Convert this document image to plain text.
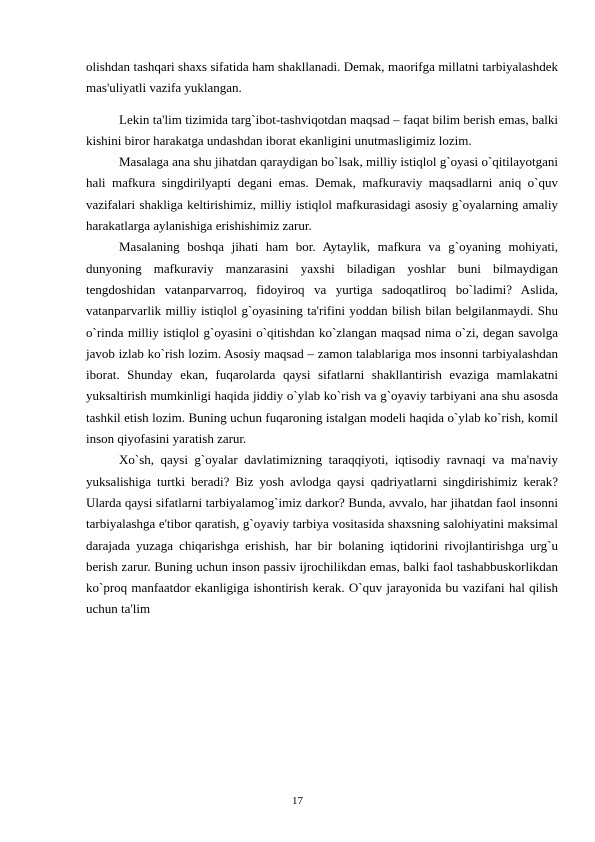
olishdan tashqari shaxs sifatida ham shakllanadi. Demak, maorifga millatni tarbiyalashdek mas'uliyatli vazifa yuklangan.

Lekin ta'lim tizimida targ`ibot-tashviqotdan maqsad – faqat bilim berish emas, balki kishini biror harakatga undashdan iborat ekanligini unutmasligimiz lozim.

Masalaga ana shu jihatdan qaraydigan bo`lsak, milliy istiqlol g`oyasi o`qitilayotgani hali mafkura singdirilyapti degani emas. Demak, mafkuraviy maqsadlarni aniq o`quv vazifalari shakliga keltirishimiz, milliy istiqlol mafkurasidagi asosiy g`oyalarning amaliy harakatlarga aylanishiga erishishimiz zarur.

Masalaning boshqa jihati ham bor. Aytaylik, mafkura va g`oyaning mohiyati, dunyoning mafkuraviy manzarasini yaxshi biladigan yoshlar buni bilmaydigan tengdoshidan vatanparvarroq, fidoyiroq va yurtiga sadoqatliroq bo`ladimi? Aslida, vatanparvarlik milliy istiqlol g`oyasining ta'rifini yoddan bilish bilan belgilanmaydi. Shu o`rinda milliy istiqlol g`oyasini o`qitishdan ko`zlangan maqsad nima o`zi, degan savolga javob izlab ko`rish lozim. Asosiy maqsad – zamon talablariga mos insonni tarbiyalashdan iborat. Shunday ekan, fuqarolarda qaysi sifatlarni shakllantirish evaziga mamlakatni yuksaltirish mumkinligi haqida jiddiy o`ylab ko`rish va g`oyaviy tarbiyani ana shu asosda tashkil etish lozim. Buning uchun fuqaroning istalgan modeli haqida o`ylab ko`rish, komil inson qiyofasini yaratish zarur.

Xo`sh, qaysi g`oyalar davlatimizning taraqqiyoti, iqtisodiy ravnaqi va ma'naviy yuksalishiga turtki beradi? Biz yosh avlodga qaysi qadriyatlarni singdirishimiz kerak? Ularda qaysi sifatlarni tarbiyalamog`imiz darkor? Bunda, avvalo, har jihatdan faol insonni tarbiyalashga e'tibor qaratish, g`oyaviy tarbiya vositasida shaxsning salohiyatini maksimal darajada yuzaga chiqarishga erishish, har bir bolaning iqtidorini rivojlantirishga urg`u berish zarur. Buning uchun inson passiv ijrochilikdan emas, balki faol tashabbuskorlikdan ko`proq manfaatdor ekanligiga ishontirish kerak. O`quv jarayonida bu vazifani hal qilish uchun ta'lim

17
